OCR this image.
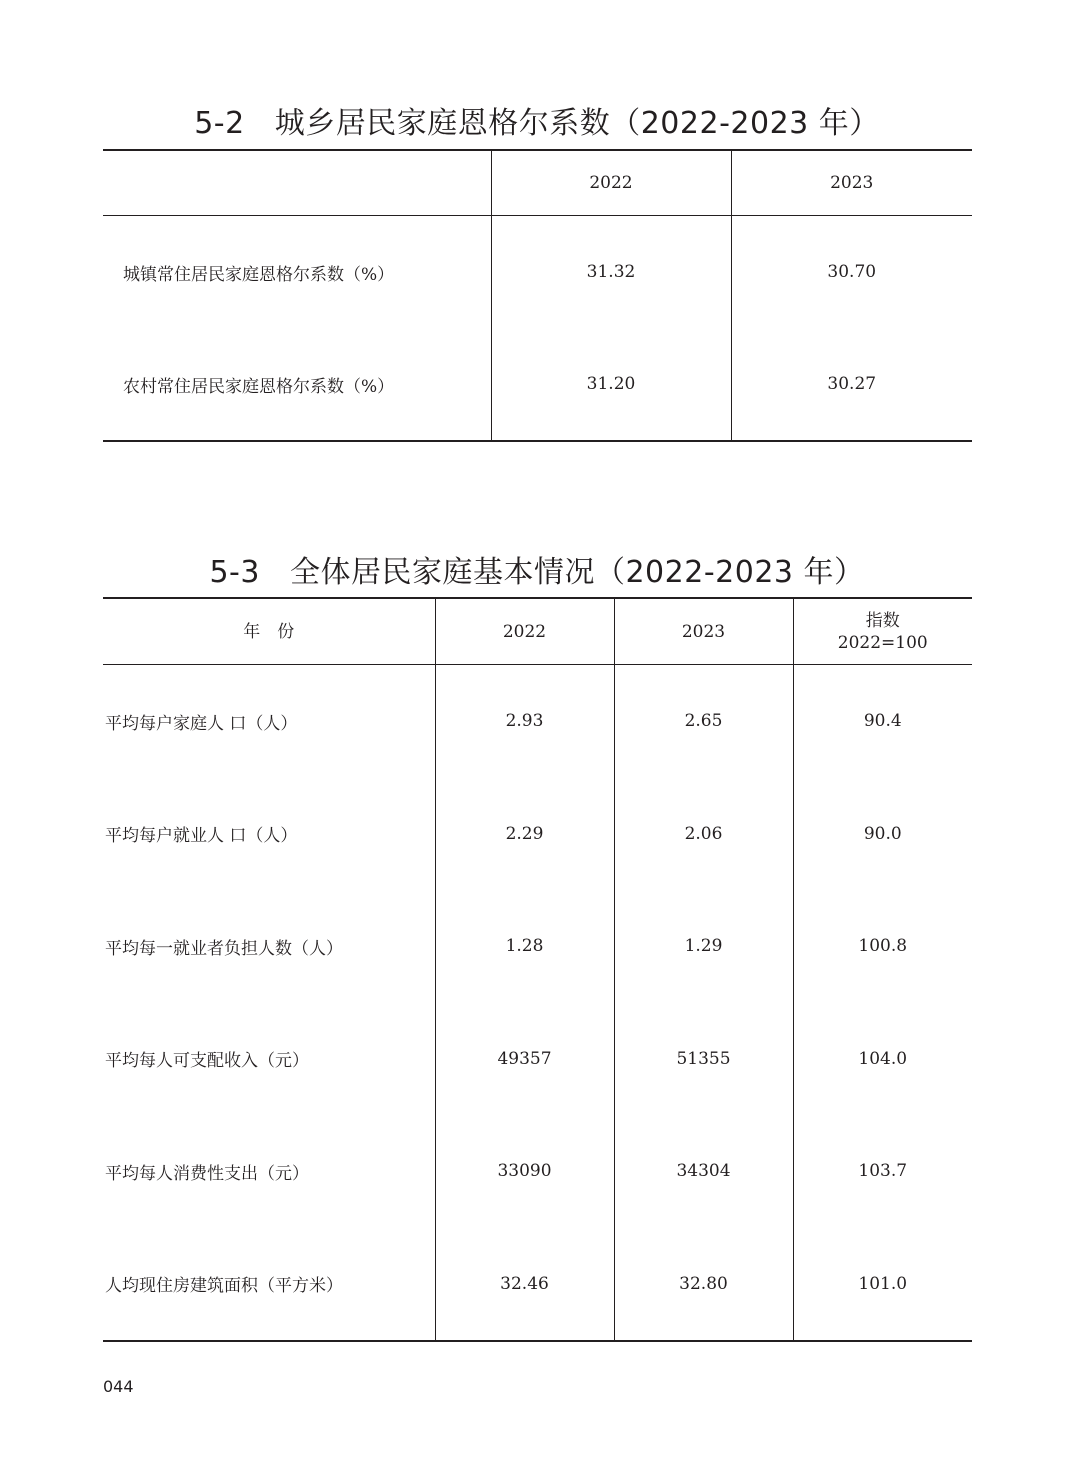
5-2 城乡居民家庭恩格尔系数（2022-2023 年）
	2022	2023
城镇常住居民家庭恩格尔系数（%）	31.32	30.70
农村常住居民家庭恩格尔系数（%）	31.20	30.27
5-3 全体居民家庭基本情况（2022-2023 年）
年　份	2022	2023	指数
2022=100

平均每户家庭人 口（人）	2.93	2.65	90.4
平均每户就业人 口（人）	2.29	2.06	90.0
平均每一就业者负担人数（人）	1.28	1.29	100.8
平均每人可支配收入（元）	49357	51355	104.0
平均每人消费性支出（元）	33090	34304	103.7
人均现住房建筑面积（平方米）	32.46	32.80	101.0
044
